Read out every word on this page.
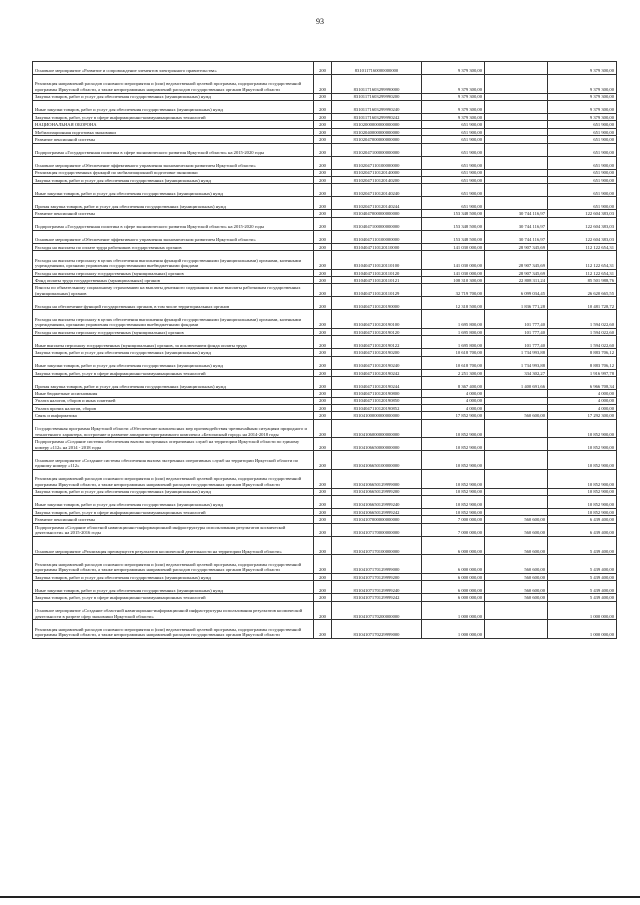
93
Основное мероприятие «Развитие и сопровождение элементов электронного правительства»	200	8310117160000000000	9 379 300,00		9 379 300,00
Реализация направлений расходов основного мероприятия и (или) ведомственной целевой программы, подпрограммы государственной программы Иркутской области, а также непрограммных направлений расходов государственных органов Иркутской области	200	83101171603299990000	9 379 300,00		9 379 300,00
Закупка товаров, работ и услуг для обеспечения государственных (муниципальных) нужд	200	83101171603299990200	9 379 300,00		9 379 300,00
Иные закупки товаров, работ и услуг для обеспечения государственных (муниципальных) нужд	200	83101171603299990240	9 379 300,00		9 379 300,00
Закупка товаров, работ, услуг в сфере информационно-коммуникационных технологий	200	83101171603299990242	9 379 300,00		9 379 300,00
НАЦИОНАЛЬНАЯ ОБОРОНА	200	83102000000000000000	651 900,00		651 900,00
Мобилизационная подготовка экономики	200	83102040000000000000	651 900,00		651 900,00
Развитие пенсионной системы	200	83102047000000000000	651 900,00		651 900,00
Подпрограмма «Государственная политика в сфере экономического развития Иркутской области» на 2015-2020 годы	200	83102047100000000000	651 900,00		651 900,00
Основное мероприятие «Обеспечение эффективного управления экономическим развитием Иркутской области»	200	83102047110100000000	651 900,00		651 900,00
Реализация государственных функций по мобилизационной подготовке экономики	200	83102047110120140000	651 900,00		651 900,00
Закупка товаров, работ и услуг для обеспечения государственных (муниципальных) нужд	200	83102047110120140200	651 900,00		651 900,00
Иные закупки товаров, работ и услуг для обеспечения государственных (муниципальных) нужд	200	83102047110120140240	651 900,00		651 900,00
Прочая закупка товаров, работ и услуг для обеспечения государственных (муниципальных) нужд	200	83102047110120140244	651 900,00		651 900,00
Развитие пенсионной системы	200	83104047000000000000	153 348 500,00	30 744 116,97	122 604 383,03
Подпрограмма «Государственная политика в сфере экономического развития Иркутской области» на 2015-2020 годы	200	83104047100000000000	153 348 500,00	30 744 116,97	122 604 383,03
Основное мероприятие «Обеспечение эффективного управления экономическим развитием Иркутской области»	200	83104047110100000000	153 348 500,00	30 744 116,97	122 604 383,03
Расходы на выплаты по оплате труда работников государственных органов	200	83104047110120110000	141 030 000,00	28 907 345,69	112 122 654,31
Расходы на выплаты персоналу в целях обеспечения выполнения функций государственными (муниципальными) органами, казенными учреждениями, органами управления государственными внебюджетными фондами	200	83104047110120110100	141 030 000,00	28 907 345,69	112 122 654,31
Расходы на выплаты персоналу государственных (муниципальных) органов	200	83104047110120110120	141 030 000,00	28 907 345,69	112 122 654,31
Фонд оплаты труда государственных (муниципальных) органов	200	83104047110120110121	108 310 300,00	22 808 311,24	85 501 988,76
Взносы по обязательному социальному страхованию на выплаты денежного содержания и иные выплаты работникам государственных (муниципальных) органов	200	83104047110120110129	32 719 700,00	6 099 034,45	26 620 665,55
Расходы на обеспечение функций государственных органов, в том числе территориальных органов	200	83104047110120190000	12 318 500,00	1 836 771,28	10 481 728,72
Расходы на выплаты персоналу в целях обеспечения выполнения функций государственными (муниципальными) органами, казенными учреждениями, органами управления государственными внебюджетными фондами	200	83104047110120190100	1 695 800,00	101 777,40	1 594 022,60
Расходы на выплаты персоналу государственных (муниципальных) органов	200	83104047110120190120	1 695 800,00	101 777,40	1 594 022,60
Иные выплаты персоналу государственных (муниципальных) органов, за исключением фонда оплаты труда	200	83104047110120190122	1 695 800,00	101 777,40	1 594 022,60
Закупка товаров, работ и услуг для обеспечения государственных (муниципальных) нужд	200	83104047110120190200	10 618 700,00	1 734 993,88	8 883 706,12
Иные закупки товаров, работ и услуг для обеспечения государственных (муниципальных) нужд	200	83104047110120190240	10 618 700,00	1 734 993,88	8 883 706,12
Закупка товаров, работ, услуг в сфере информационно-коммуникационных технологий	200	83104047110120190242	2 251 300,00	334 302,27	1 916 997,78
Прочая закупка товаров, работ и услуг для обеспечения государственных (муниципальных) нужд	200	83104047110120190244	8 367 400,00	1 400 691,66	6 966 708,34
Иные бюджетные ассигнования	200	83104047110120190800	4 000,00		4 000,00
Уплата налогов, сборов и иных платежей	200	83104047110120190850	4 000,00		4 000,00
Уплата прочих налогов, сборов	200	83104047110120190852	4 000,00		4 000,00
Связь и информатика	200	83104100000000000000	17 852 900,00	560 600,00	17 292 300,00
Государственная программа Иркутской области «Обеспечение комплексных мер противодействия чрезвычайным ситуациям природного и техногенного характера, построение и развитие аппаратно-программного комплекса «Безопасный город» на 2014-2018 годы	200	83104106000000000000	10 852 900,00		10 852 900,00
Подпрограмма «Создание системы обеспечения вызова экстренных оперативных служб на территории Иркутской области по единому номеру «112» на 2014 - 2018 годы	200	83104106650000000000	10 852 900,00		10 852 900,00
Основное мероприятие «Создание системы обеспечения вызова экстренных оперативных служб на территории Иркутской области по единому номеру «112»	200	83104106650100000000	10 852 900,00		10 852 900,00
Реализация направлений расходов основного мероприятия и (или) ведомственной целевой программы, подпрограммы государственной программы Иркутской области, а также непрограммных направлений расходов государственных органов Иркутской области	200	83104106650129999000	10 852 900,00		10 852 900,00
Закупка товаров, работ и услуг для обеспечения государственных (муниципальных) нужд	200	83104106650129999200	10 852 900,00		10 852 900,00
Иные закупки товаров, работ и услуг для обеспечения государственных (муниципальных) нужд	200	83104106650129999240	10 852 900,00		10 852 900,00
Закупка товаров, работ, услуг в сфере информационно-коммуникационных технологий	200	83104106650129999242	10 852 900,00		10 852 900,00
Развитие пенсионной системы	200	83104107000000000000	7 000 000,00	560 600,00	6 439 400,00
Подпрограмма «Создание областной навигационно-информационной инфраструктуры использования результатов космической деятельности» на 2015-2016 годы	200	83104107170000000000	7 000 000,00	560 600,00	6 439 400,00
Основное мероприятие «Реализация преимуществ результатов космической деятельности на территории Иркутской области»	200	83104107170100000000	6 000 000,00	560 600,00	5 439 400,00
Реализация направлений расходов основного мероприятия и (или) ведомственной целевой программы, подпрограммы государственной программы Иркутской области, а также непрограммных направлений расходов государственных органов Иркутской области	200	83104107170129999000	6 000 000,00	560 600,00	5 439 400,00
Закупка товаров, работ и услуг для обеспечения государственных (муниципальных) нужд	200	83104107170129999200	6 000 000,00	560 600,00	5 439 400,00
Иные закупки товаров, работ и услуг для обеспечения государственных (муниципальных) нужд	200	83104107170129999240	6 000 000,00	560 600,00	5 439 400,00
Закупка товаров, работ, услуг в сфере информационно-коммуникационных технологий	200	83104107170129999242	6 000 000,00	560 600,00	5 439 400,00
Основное мероприятие «Создание областной навигационно-информационной инфраструктуры использования результатов космической деятельности в разрезе сфер экономики Иркутской области»	200	83104107170200000000	1 000 000,00		1 000 000,00
Реализация направлений расходов основного мероприятия и (или) ведомственной целевой программы, подпрограммы государственной программы Иркутской области, а также непрограммных направлений расходов государственных органов Иркутской области	200	83104107170229999000	1 000 000,00		1 000 000,00
